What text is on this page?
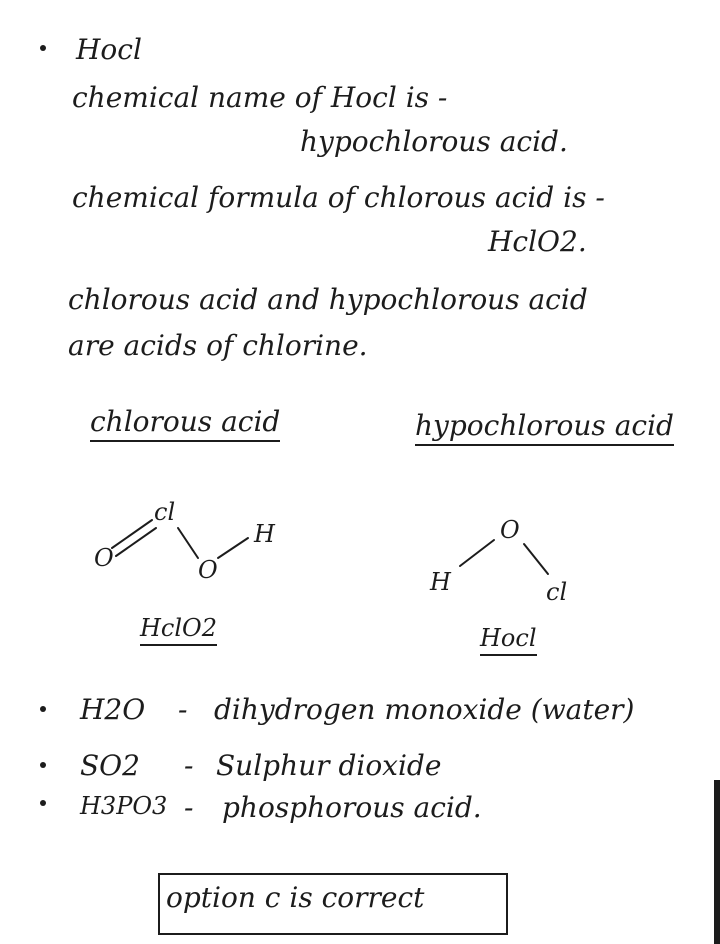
Hocl
chemical name of Hocl is -
hypochlorous acid.
chemical formula of chlorous acid is -
HclO2.
chlorous acid and hypochlorous acid
are acids of chlorine.
chlorous acid	hypochlorous acid
O
cl
O
H
HclO2
O
H	cl
Hocl
H2O - dihydrogen monoxide (water)
SO2 - Sulphur dioxide
H3PO3 - phosphorous acid.
option c is correct
